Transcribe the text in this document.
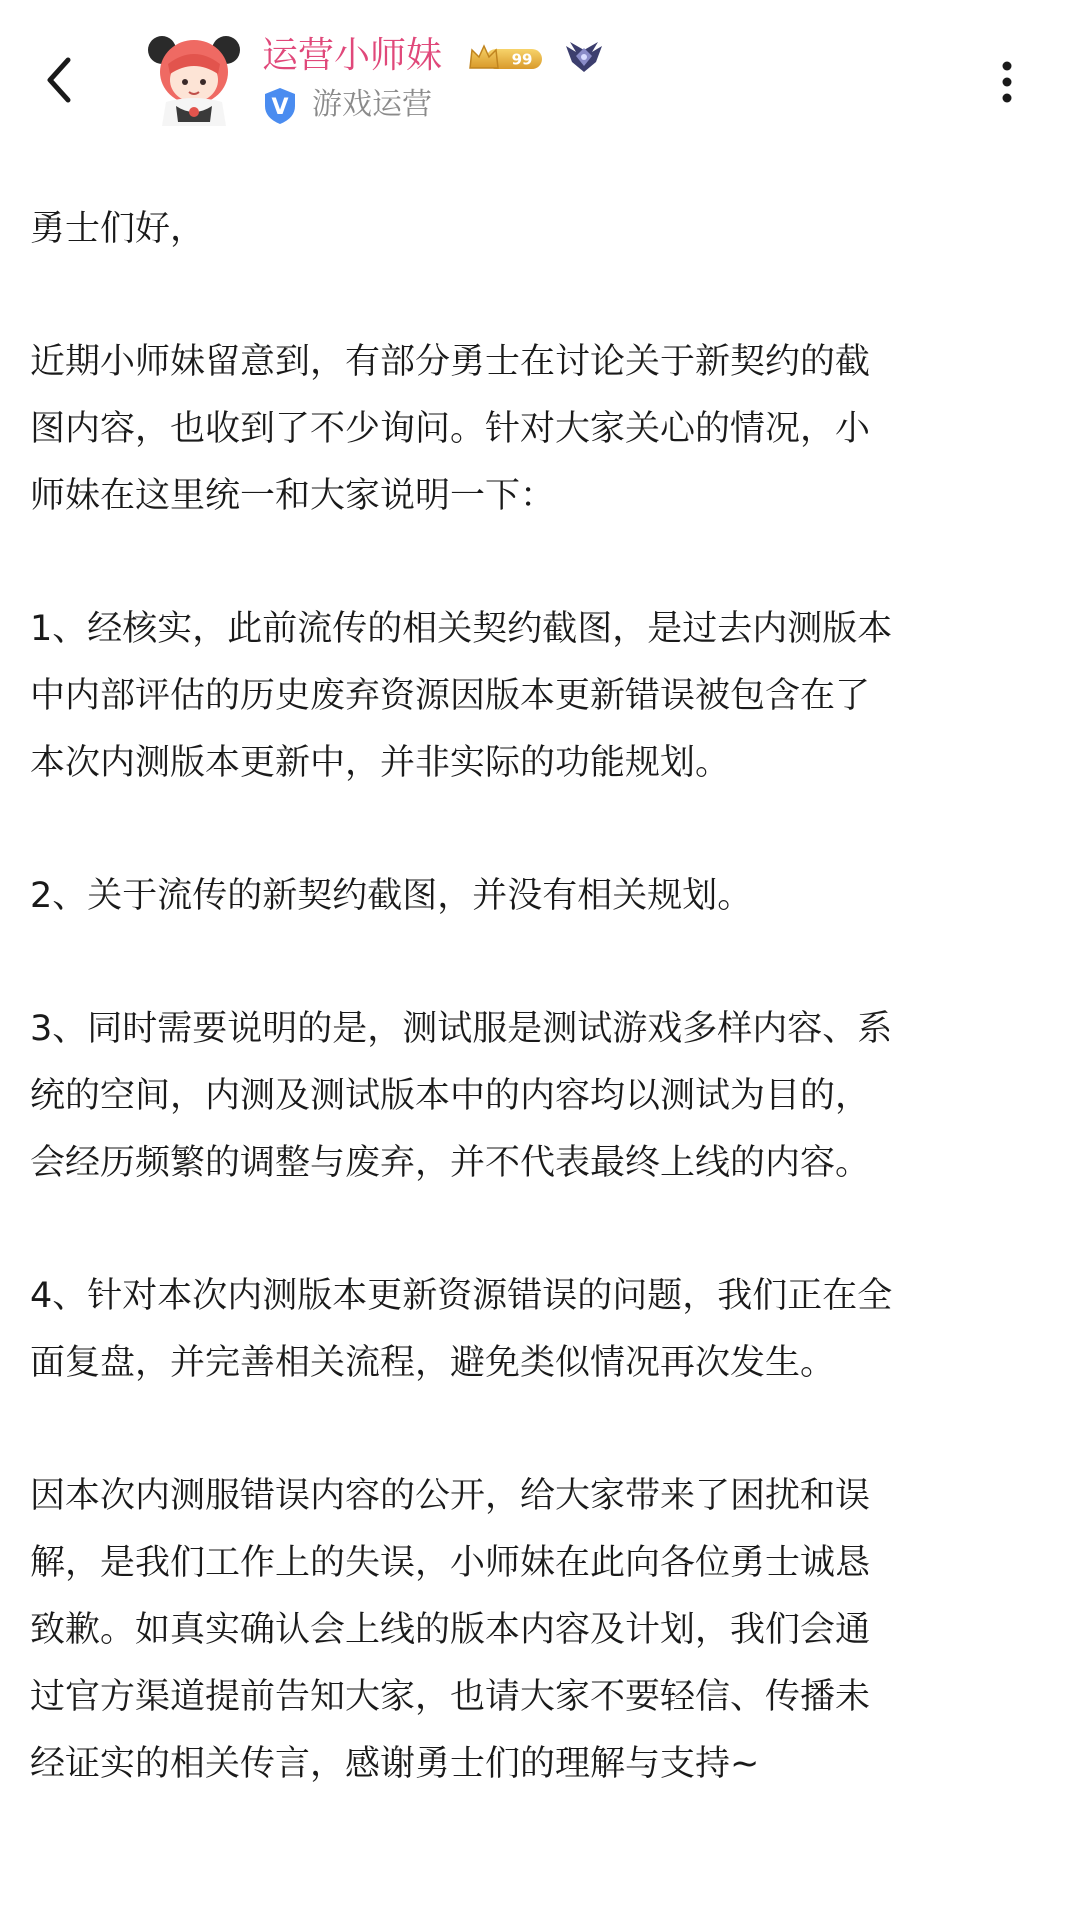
运营小师妹	99
V 游戏运营

勇士们好，

近期小师妹留意到，有部分勇士在讨论关于新契约的截
图内容，也收到了不少询问。针对大家关心的情况，小
师妹在这里统一和大家说明一下：

1、经核实，此前流传的相关契约截图，是过去内测版本
中内部评估的历史废弃资源因版本更新错误被包含在了
本次内测版本更新中，并非实际的功能规划。

2、关于流传的新契约截图，并没有相关规划。

3、同时需要说明的是，测试服是测试游戏多样内容、系
统的空间，内测及测试版本中的内容均以测试为目的，
会经历频繁的调整与废弃，并不代表最终上线的内容。

4、针对本次内测版本更新资源错误的问题，我们正在全
面复盘，并完善相关流程，避免类似情况再次发生。

因本次内测服错误内容的公开，给大家带来了困扰和误
解，是我们工作上的失误，小师妹在此向各位勇士诚恳
致歉。如真实确认会上线的版本内容及计划，我们会通
过官方渠道提前告知大家，也请大家不要轻信、传播未
经证实的相关传言，感谢勇士们的理解与支持~
